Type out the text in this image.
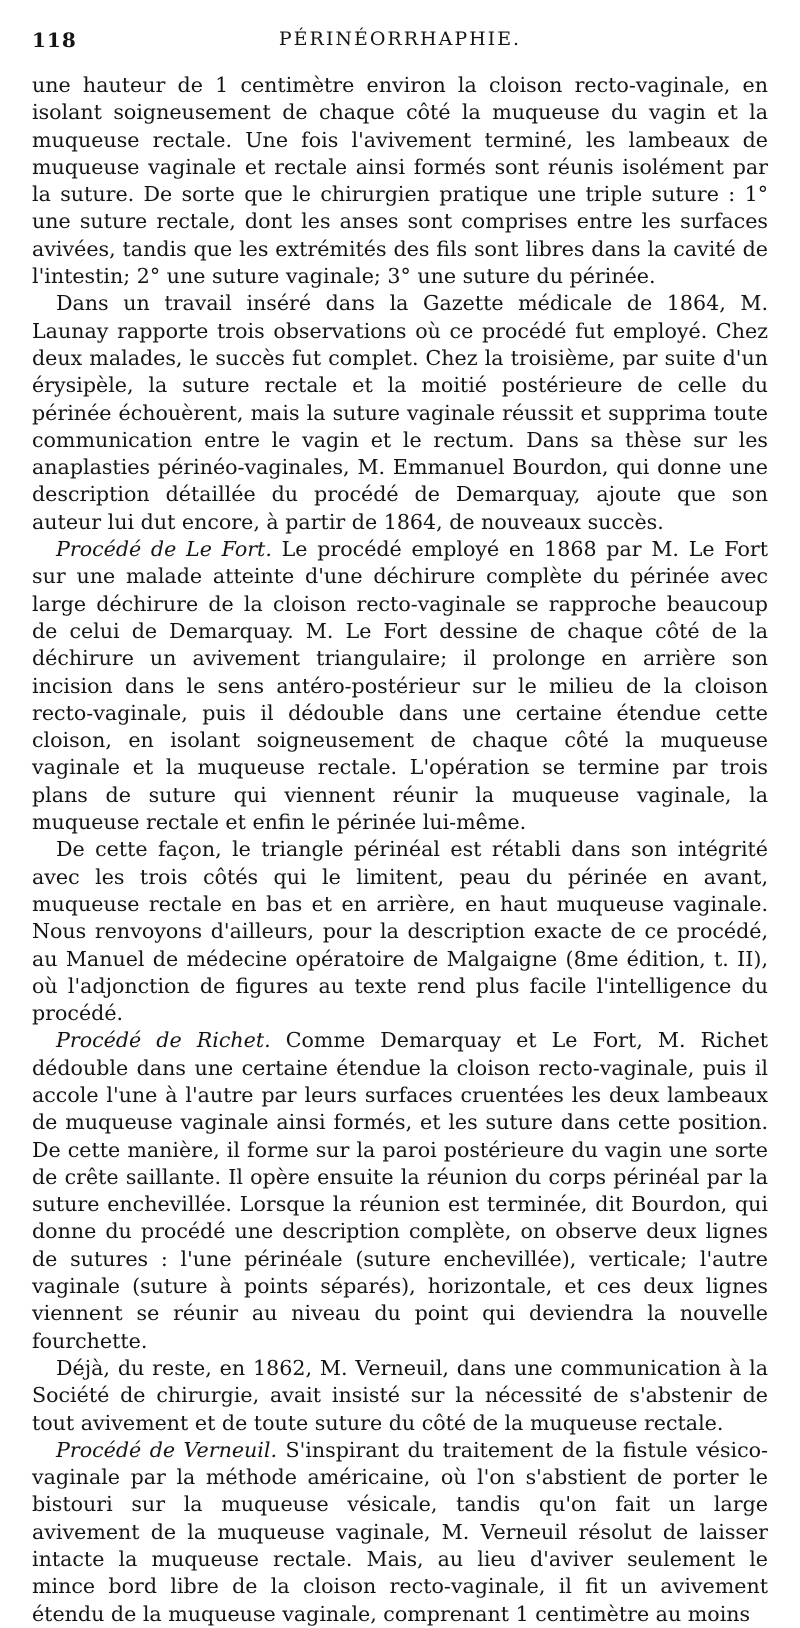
118	PÉRINÉORRHAPHIE.

une hauteur de 1 centimètre environ la cloison recto-vaginale, en isolant soigneusement de chaque côté la muqueuse du vagin et la muqueuse rectale. Une fois l'avivement terminé, les lambeaux de muqueuse vaginale et rectale ainsi formés sont réunis isolément par la suture. De sorte que le chirurgien pratique une triple suture : 1° une suture rectale, dont les anses sont comprises entre les surfaces avivées, tandis que les extrémités des fils sont libres dans la cavité de l'intestin; 2° une suture vaginale; 3° une suture du périnée.

Dans un travail inséré dans la Gazette médicale de 1864, M. Launay rapporte trois observations où ce procédé fut employé. Chez deux malades, le succès fut complet. Chez la troisième, par suite d'un érysipèle, la suture rectale et la moitié postérieure de celle du périnée échouèrent, mais la suture vaginale réussit et supprima toute communication entre le vagin et le rectum. Dans sa thèse sur les anaplasties périnéo-vaginales, M. Emmanuel Bourdon, qui donne une description détaillée du procédé de Demarquay, ajoute que son auteur lui dut encore, à partir de 1864, de nouveaux succès.

Procédé de Le Fort. Le procédé employé en 1868 par M. Le Fort sur une malade atteinte d'une déchirure complète du périnée avec large déchirure de la cloison recto-vaginale se rapproche beaucoup de celui de Demarquay. M. Le Fort dessine de chaque côté de la déchirure un avivement triangulaire; il prolonge en arrière son incision dans le sens antéro-postérieur sur le milieu de la cloison recto-vaginale, puis il dédouble dans une certaine étendue cette cloison, en isolant soigneusement de chaque côté la muqueuse vaginale et la muqueuse rectale. L'opération se termine par trois plans de suture qui viennent réunir la muqueuse vaginale, la muqueuse rectale et enfin le périnée lui-même.

De cette façon, le triangle périnéal est rétabli dans son intégrité avec les trois côtés qui le limitent, peau du périnée en avant, muqueuse rectale en bas et en arrière, en haut muqueuse vaginale. Nous renvoyons d'ailleurs, pour la description exacte de ce procédé, au Manuel de médecine opératoire de Malgaigne (8me édition, t. II), où l'adjonction de figures au texte rend plus facile l'intelligence du procédé.

Procédé de Richet. Comme Demarquay et Le Fort, M. Richet dédouble dans une certaine étendue la cloison recto-vaginale, puis il accole l'une à l'autre par leurs surfaces cruentées les deux lambeaux de muqueuse vaginale ainsi formés, et les suture dans cette position. De cette manière, il forme sur la paroi postérieure du vagin une sorte de crête saillante. Il opère ensuite la réunion du corps périnéal par la suture enchevillée. Lorsque la réunion est terminée, dit Bourdon, qui donne du procédé une description complète, on observe deux lignes de sutures : l'une périnéale (suture enchevillée), verticale; l'autre vaginale (suture à points séparés), horizontale, et ces deux lignes viennent se réunir au niveau du point qui deviendra la nouvelle fourchette.

Déjà, du reste, en 1862, M. Verneuil, dans une communication à la Société de chirurgie, avait insisté sur la nécessité de s'abstenir de tout avivement et de toute suture du côté de la muqueuse rectale.

Procédé de Verneuil. S'inspirant du traitement de la fistule vésico-vaginale par la méthode américaine, où l'on s'abstient de porter le bistouri sur la muqueuse vésicale, tandis qu'on fait un large avivement de la muqueuse vaginale, M. Verneuil résolut de laisser intacte la muqueuse rectale. Mais, au lieu d'aviver seulement le mince bord libre de la cloison recto-vaginale, il fit un avivement étendu de la muqueuse vaginale, comprenant 1 centimètre au moins
